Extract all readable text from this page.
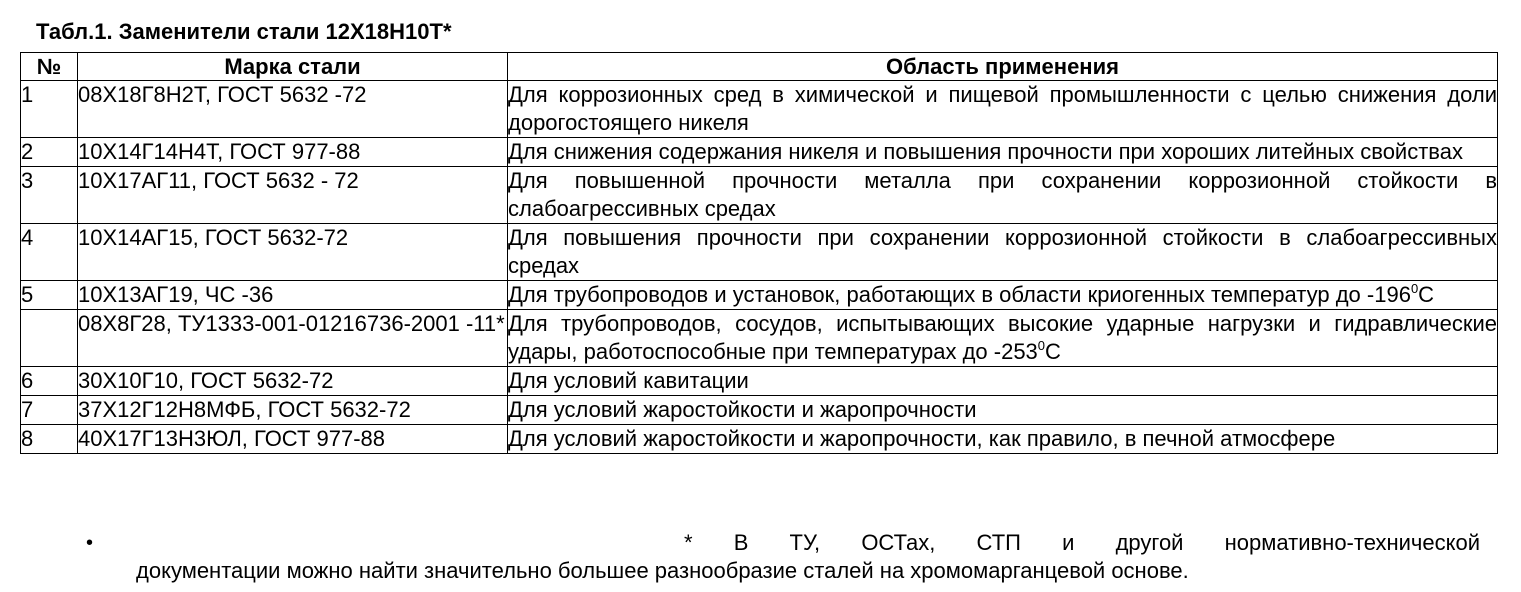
Табл.1. Заменители стали 12Х18Н10Т*
№	Марка стали	Область применения
1	08Х18Г8Н2Т, ГОСТ 5632 -72	Для коррозионных сред в химической и пищевой промышленности с целью снижения доли дорогостоящего никеля
2	10Х14Г14Н4Т, ГОСТ 977-88	Для снижения содержания никеля и повышения прочности при хороших литейных свойствах
3	10Х17АГ11, ГОСТ 5632 - 72	Для повышенной прочности металла при сохранении коррозионной стойкости в слабоагрессивных средах
4	10Х14АГ15, ГОСТ 5632-72	Для повышения прочности при сохранении коррозионной стойкости в слабоагрессивных средах
5	10Х13АГ19, ЧС -36	Для трубопроводов и установок, работающих в области криогенных температур до $-196^0С$
	08Х8Г28, ТУ1333-001-01216736-2001 -11*	Для трубопроводов, сосудов, испытывающих высокие ударные нагрузки и гидравлические удары, работоспособные при температурах до $-253^0С$
6	30Х10Г10, ГОСТ 5632-72	Для условий кавитации
7	37Х12Г12Н8МФБ, ГОСТ 5632-72	Для условий жаростойкости и жаропрочности
8	40Х17Г13Н3ЮЛ, ГОСТ 977-88	Для условий жаростойкости и жаропрочности, как правило, в печной атмосфере
•	* В ТУ, ОСТах, СТП и другой нормативно-технической
документации можно найти значительно большее разнообразие сталей на хромомарганцевой основе.
